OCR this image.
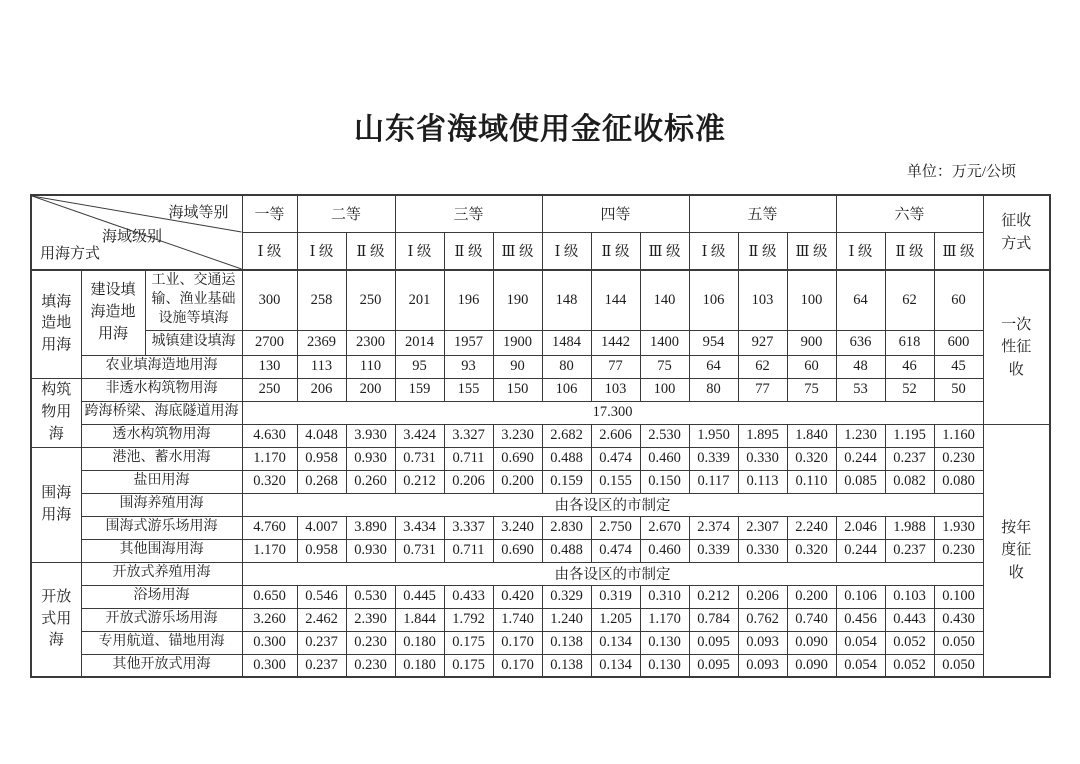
山东省海域使用金征收标准
单位：万元/公顷
海域等别
海域级别
用海方式			一等	二等		三等			四等			五等			六等			征收方式
			Ⅰ 级	Ⅰ 级	Ⅱ 级	Ⅰ 级	Ⅱ 级	Ⅲ 级	Ⅰ 级	Ⅱ 级	Ⅲ 级	Ⅰ 级	Ⅱ 级	Ⅲ 级	Ⅰ 级	Ⅱ 级	Ⅲ 级	
填海造地用海	建设填海造地用海	工业、交通运输、渔业基础设施等填海	300	258	250	201	196	190	148	144	140	106	103	100	64	62	60	一次性征收
		城镇建设填海	2700	2369	2300	2014	1957	1900	1484	1442	1400	954	927	900	636	618	600	
	农业填海造地用海		130	113	110	95	93	90	80	77	75	64	62	60	48	46	45	
构筑物用海	非透水构筑物用海		250	206	200	159	155	150	106	103	100	80	77	75	53	52	50	
	跨海桥梁、海底隧道用海		17.300															
	透水构筑物用海		4.630	4.048	3.930	3.424	3.327	3.230	2.682	2.606	2.530	1.950	1.895	1.840	1.230	1.195	1.160	按年度征收
围海用海	港池、蓄水用海		1.170	0.958	0.930	0.731	0.711	0.690	0.488	0.474	0.460	0.339	0.330	0.320	0.244	0.237	0.230	
	盐田用海		0.320	0.268	0.260	0.212	0.206	0.200	0.159	0.155	0.150	0.117	0.113	0.110	0.085	0.082	0.080	
	围海养殖用海		由各设区的市制定															
	围海式游乐场用海		4.760	4.007	3.890	3.434	3.337	3.240	2.830	2.750	2.670	2.374	2.307	2.240	2.046	1.988	1.930	
	其他围海用海		1.170	0.958	0.930	0.731	0.711	0.690	0.488	0.474	0.460	0.339	0.330	0.320	0.244	0.237	0.230	
开放式用海	开放式养殖用海		由各设区的市制定															
	浴场用海		0.650	0.546	0.530	0.445	0.433	0.420	0.329	0.319	0.310	0.212	0.206	0.200	0.106	0.103	0.100	
	开放式游乐场用海		3.260	2.462	2.390	1.844	1.792	1.740	1.240	1.205	1.170	0.784	0.762	0.740	0.456	0.443	0.430	
	专用航道、锚地用海		0.300	0.237	0.230	0.180	0.175	0.170	0.138	0.134	0.130	0.095	0.093	0.090	0.054	0.052	0.050	
	其他开放式用海		0.300	0.237	0.230	0.180	0.175	0.170	0.138	0.134	0.130	0.095	0.093	0.090	0.054	0.052	0.050	
